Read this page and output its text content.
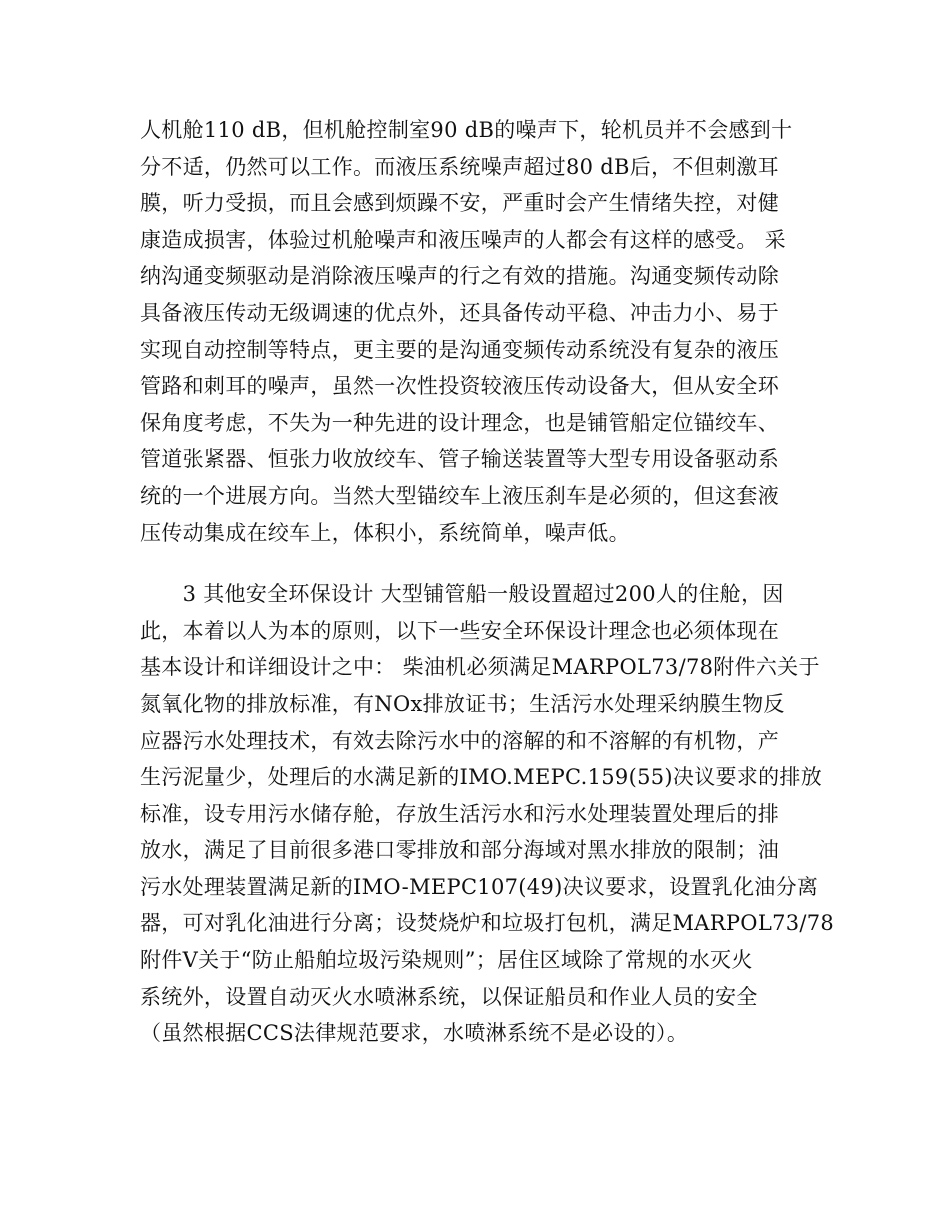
人机舱110 dB，但机舱控制室90 dB的噪声下，轮机员并不会感到十

分不适，仍然可以工作。而液压系统噪声超过80 dB后，不但刺激耳

膜，听力受损，而且会感到烦躁不安，严重时会产生情绪失控，对健

康造成损害，体验过机舱噪声和液压噪声的人都会有这样的感受。 采

纳沟通变频驱动是消除液压噪声的行之有效的措施。沟通变频传动除

具备液压传动无级调速的优点外，还具备传动平稳、冲击力小、易于

实现自动控制等特点，更主要的是沟通变频传动系统没有复杂的液压

管路和刺耳的噪声，虽然一次性投资较液压传动设备大，但从安全环

保角度考虑，不失为一种先进的设计理念，也是铺管船定位锚绞车、

管道张紧器、恒张力收放绞车、管子输送装置等大型专用设备驱动系

统的一个进展方向。当然大型锚绞车上液压刹车是必须的，但这套液

压传动集成在绞车上，体积小，系统简单，噪声低。

　　3 其他安全环保设计 大型铺管船一般设置超过200人的住舱，因

此，本着以人为本的原则，以下一些安全环保设计理念也必须体现在

基本设计和详细设计之中： 柴油机必须满足MARPOL73/78附件六关于

氮氧化物的排放标准，有NOx排放证书；生活污水处理采纳膜生物反

应器污水处理技术，有效去除污水中的溶解的和不溶解的有机物，产

生污泥量少，处理后的水满足新的IMO.MEPC.159(55)决议要求的排放

标准，设专用污水储存舱，存放生活污水和污水处理装置处理后的排

放水，满足了目前很多港口零排放和部分海域对黑水排放的限制；油

污水处理装置满足新的IMO-MEPC107(49)决议要求，设置乳化油分离

器，可对乳化油进行分离；设焚烧炉和垃圾打包机，满足MARPOL73/78

附件Ⅴ关于“防止船舶垃圾污染规则”；居住区域除了常规的水灭火

系统外，设置自动灭火水喷淋系统，以保证船员和作业人员的安全

（虽然根据CCS法律规范要求，水喷淋系统不是必设的）。
